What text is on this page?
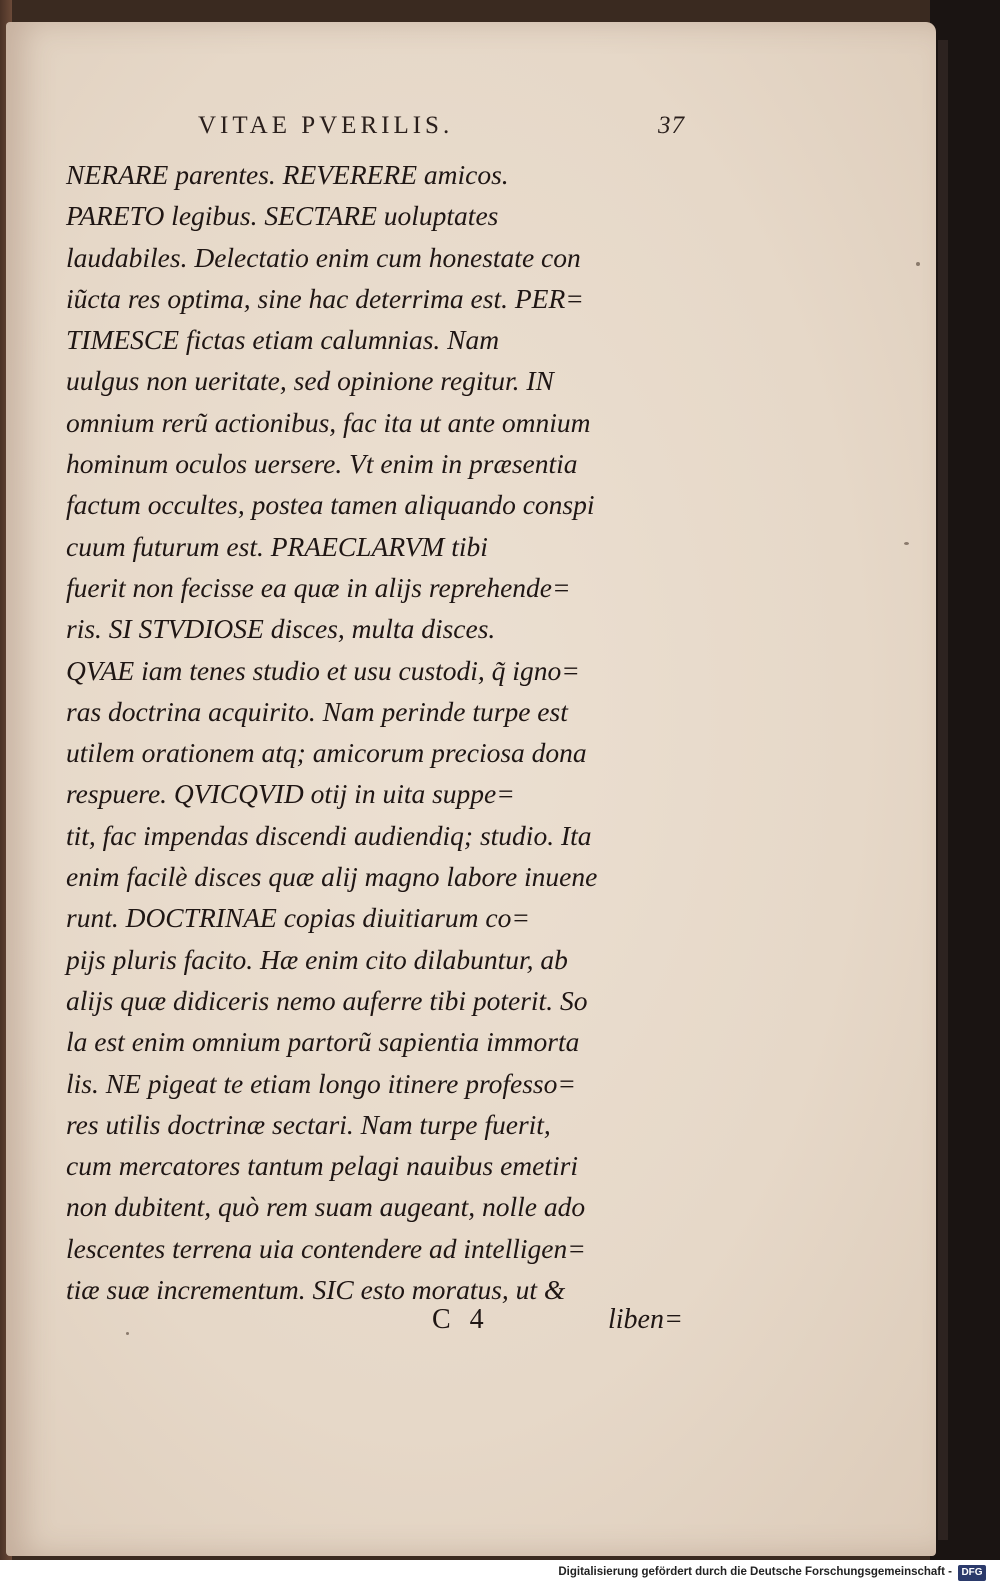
VITAE PVERILIS.	37
NERARE parentes. REVERERE amicos.
PARETO legibus. SECTARE uoluptates
laudabiles. Delectatio enim cum honestate con
iũcta res optima, sine hac deterrima est. PER=
TIMESCE fictas etiam calumnias. Nam
uulgus non ueritate, sed opinione regitur. IN
omnium rerũ actionibus, fac ita ut ante omnium
hominum oculos uersere. Vt enim in præsentia
factum occultes, postea tamen aliquando conspi
cuum futurum est. PRAECLARVM tibi
fuerit non fecisse ea quæ in alijs reprehende=
ris. SI STVDIOSE disces, multa disces.
QVAE iam tenes studio et usu custodi, q̃ igno=
ras doctrina acquirito. Nam perinde turpe est
utilem orationem atq; amicorum preciosa dona
respuere. QVICQVID otij in uita suppe=
tit, fac impendas discendi audiendiq; studio. Ita
enim facilè disces quæ alij magno labore inuene
runt. DOCTRINAE copias diuitiarum co=
pijs pluris facito. Hæ enim cito dilabuntur, ab
alijs quæ didiceris nemo auferre tibi poterit. So
la est enim omnium partorũ sapientia immorta
lis. NE pigeat te etiam longo itinere professo=
res utilis doctrinæ sectari. Nam turpe fuerit,
cum mercatores tantum pelagi nauibus emetiri
non dubitent, quò rem suam augeant, nolle ado
lescentes terrena uia contendere ad intelligen=
tiæ suæ incrementum. SIC esto moratus, ut &
C 4	liben=
Digitalisierung gefördert durch die Deutsche Forschungsgemeinschaft - DFG
